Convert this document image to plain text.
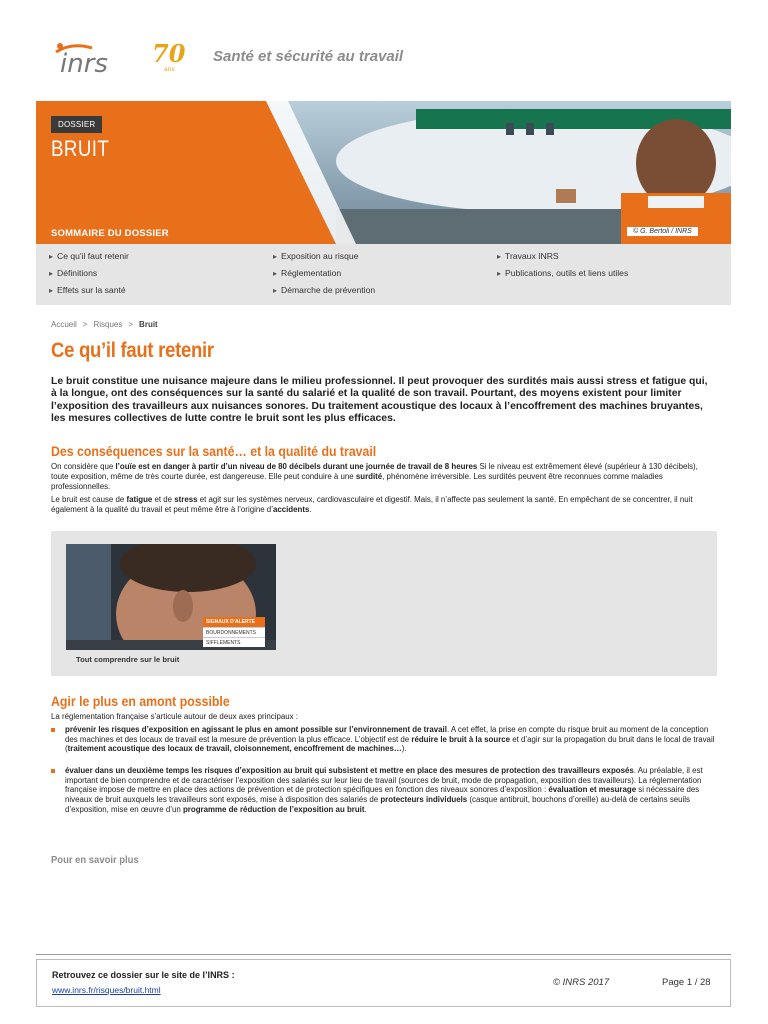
inrs 70
ans
Santé et sécurité au travail
DOSSIER
BRUIT
SOMMAIRE DU DOSSIER	© G. Bertoli / INRS
▸ Ce qu'il faut retenir
▸ Définitions
▸ Effets sur la santé
▸ Exposition au risque
▸ Réglementation
▸ Démarche de prévention
▸ Travaux INRS
▸ Publications, outils et liens utiles
Accueil > Risques > Bruit
Ce qu’il faut retenir

Le bruit constitue une nuisance majeure dans le milieu professionnel. Il peut provoquer des surdités mais aussi stress et fatigue qui, à la longue, ont des conséquences sur la santé du salarié et la qualité de son travail. Pourtant, des moyens existent pour limiter l’exposition des travailleurs aux nuisances sonores. Du traitement acoustique des locaux à l’encoffrement des machines bruyantes, les mesures collectives de lutte contre le bruit sont les plus efficaces.

Des conséquences sur la santé… et la qualité du travail

On considère que l’ouïe est en danger à partir d’un niveau de 80 décibels durant une journée de travail de 8 heures Si le niveau est extrêmement élevé (supérieur à 130 décibels), toute exposition, même de très courte durée, est dangereuse. Elle peut conduire à une surdité, phénomène irréversible. Les surdités peuvent être reconnues comme maladies professionnelles.

Le bruit est cause de fatigue et de stress et agit sur les systèmes nerveux, cardiovasculaire et digestif. Mais, il n’affecte pas seulement la santé. En empêchant de se concentrer, il nuit également à la qualité du travail et peut même être à l’origine d’accidents.

SIGNAUX D'ALERTE
BOURDONNEMENTS
SIFFLEMENTS
Tout comprendre sur le bruit
Agir le plus en amont possible

La réglementation française s’articule autour de deux axes principaux :

prévenir les risques d’exposition en agissant le plus en amont possible sur l’environnement de travail. A cet effet, la prise en compte du risque bruit au moment de la conception des machines et des locaux de travail est la mesure de prévention la plus efficace. L’objectif est de réduire le bruit à la source et d’agir sur la propagation du bruit dans le local de travail (traitement acoustique des locaux de travail, cloisonnement, encoffrement de machines…).
évaluer dans un deuxième temps les risques d’exposition au bruit qui subsistent et mettre en place des mesures de protection des travailleurs exposés. Au préalable, il est important de bien comprendre et de caractériser l’exposition des salariés sur leur lieu de travail (sources de bruit, mode de propagation, exposition des travailleurs). La réglementation française impose de mettre en place des actions de prévention et de protection spécifiques en fonction des niveaux sonores d’exposition : évaluation et mesurage si nécessaire des niveaux de bruit auxquels les travailleurs sont exposés, mise à disposition des salariés de protecteurs individuels (casque antibruit, bouchons d’oreille) au-delà de certains seuils d’exposition, mise en œuvre d’un programme de réduction de l’exposition au bruit.
Pour en savoir plus
Retrouvez ce dossier sur le site de l’INRS :
www.inrs.fr/risques/bruit.html
© INRS 2017	Page 1 / 28
